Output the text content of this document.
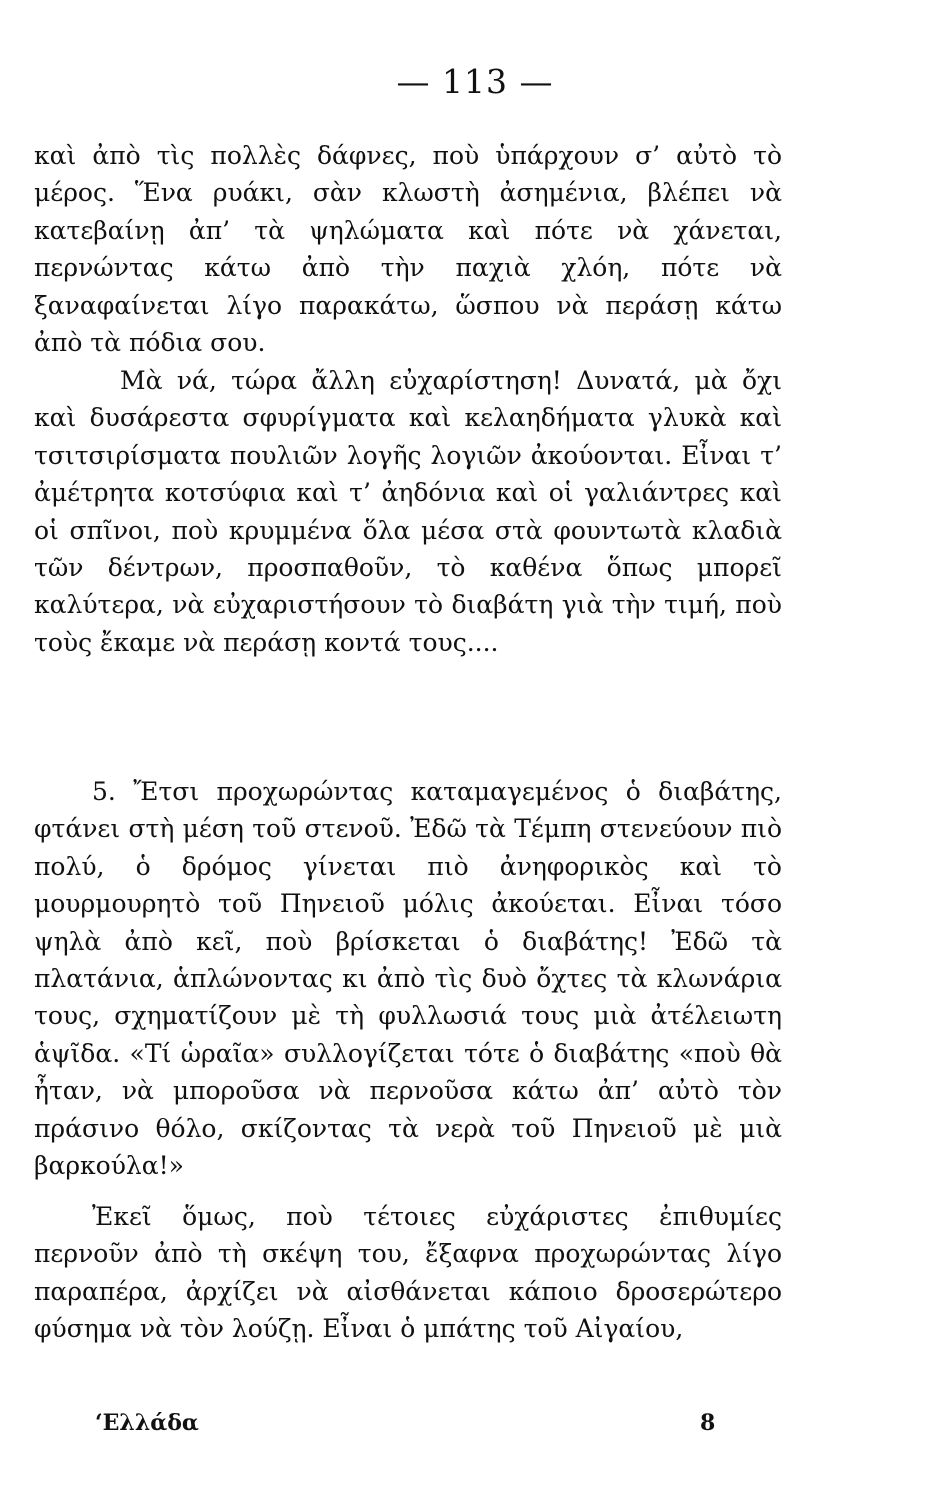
— 113 —

καὶ ἀπὸ τὶς πολλὲς δάφνες, ποὺ ὑπάρχουν σ’ αὐτὸ τὸ μέρος. Ἕνα ρυάκι, σὰν κλωστὴ ἀσημένια, βλέπει νὰ κατεβαίνῃ ἀπ’ τὰ ψηλώματα καὶ πότε νὰ χάνεται, περνώντας κάτω ἀπὸ τὴν παχιὰ χλόη, πότε νὰ ξαναφαίνεται λίγο παρακάτω, ὥσπου νὰ περάσῃ κάτω ἀπὸ τὰ πόδια σου.

Μὰ νά, τώρα ἄλλη εὐχαρίστηση! Δυνατά, μὰ ὄχι καὶ δυσάρεστα σφυρίγματα καὶ κελαηδήματα γλυκὰ καὶ τσιτσιρίσματα πουλιῶν λογῆς λογιῶν ἀκούονται. Εἶναι τ’ ἀμέτρητα κοτσύφια καὶ τ’ ἀηδόνια καὶ οἱ γαλιάντρες καὶ οἱ σπῖνοι, ποὺ κρυμμένα ὅλα μέσα στὰ φουντωτὰ κλαδιὰ τῶν δέντρων, προσπαθοῦν, τὸ καθένα ὅπως μπορεῖ καλύτερα, νὰ εὐχαριστήσουν τὸ διαβάτη γιὰ τὴν τιμή, ποὺ τοὺς ἔκαμε νὰ περάσῃ κοντά τους....

5. Ἔτσι προχωρώντας καταμαγεμένος ὁ διαβάτης, φτάνει στὴ μέση τοῦ στενοῦ. Ἐδῶ τὰ Τέμπη στενεύουν πιὸ πολύ, ὁ δρόμος γίνεται πιὸ ἀνηφορικὸς καὶ τὸ μουρμουρητὸ τοῦ Πηνειοῦ μόλις ἀκούεται. Εἶναι τόσο ψηλὰ ἀπὸ κεῖ, ποὺ βρίσκεται ὁ διαβάτης! Ἐδῶ τὰ πλατάνια, ἁπλώνοντας κι ἀπὸ τὶς δυὸ ὄχτες τὰ κλωνάρια τους, σχηματίζουν μὲ τὴ φυλλωσιά τους μιὰ ἀτέλειωτη ἁψῖδα. «Τί ὡραῖα» συλλογίζεται τότε ὁ διαβάτης «ποὺ θὰ ἦταν, νὰ μποροῦσα νὰ περνοῦσα κάτω ἀπ’ αὐτὸ τὸν πράσινο θόλο, σκίζοντας τὰ νερὰ τοῦ Πηνειοῦ μὲ μιὰ βαρκούλα!»

Ἐκεῖ ὅμως, ποὺ τέτοιες εὐχάριστες ἐπιθυμίες περνοῦν ἀπὸ τὴ σκέψη του, ἔξαφνα προχωρώντας λίγο παραπέρα, ἀρχίζει νὰ αἰσθάνεται κάποιο δροσερώτερο φύσημα νὰ τὸν λούζῃ. Εἶναι ὁ μπάτης τοῦ Αἰγαίου,

‘Ελλάδα	8
